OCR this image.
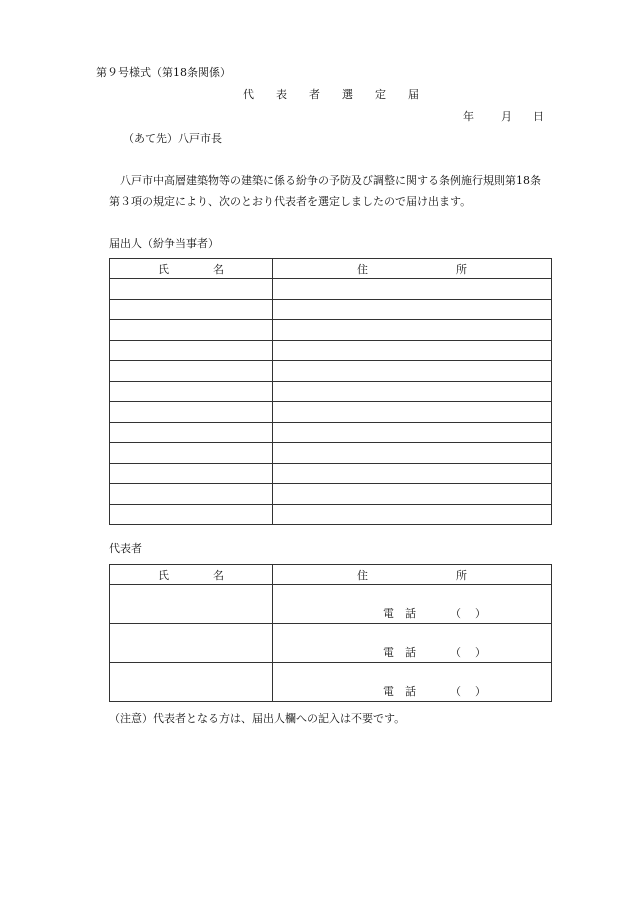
第９号様式（第18条関係）
代　　表　　者　　選　　定　　届
年 月 日
（あて先）八戸市長
八戸市中高層建築物等の建築に係る紛争の予防及び調整に関する条例施行規則第18条
第３項の規定により、次のとおり代表者を選定しましたので届け出ます。
届出人（紛争当事者）
氏　　　　名	住　　　　　　　　所

代表者
氏　　　　名	住　　　　　　　　所

	電　話 （ ）

	電　話 （ ）

	電　話 （ ）
（注意）代表者となる方は、届出人欄への記入は不要です。
